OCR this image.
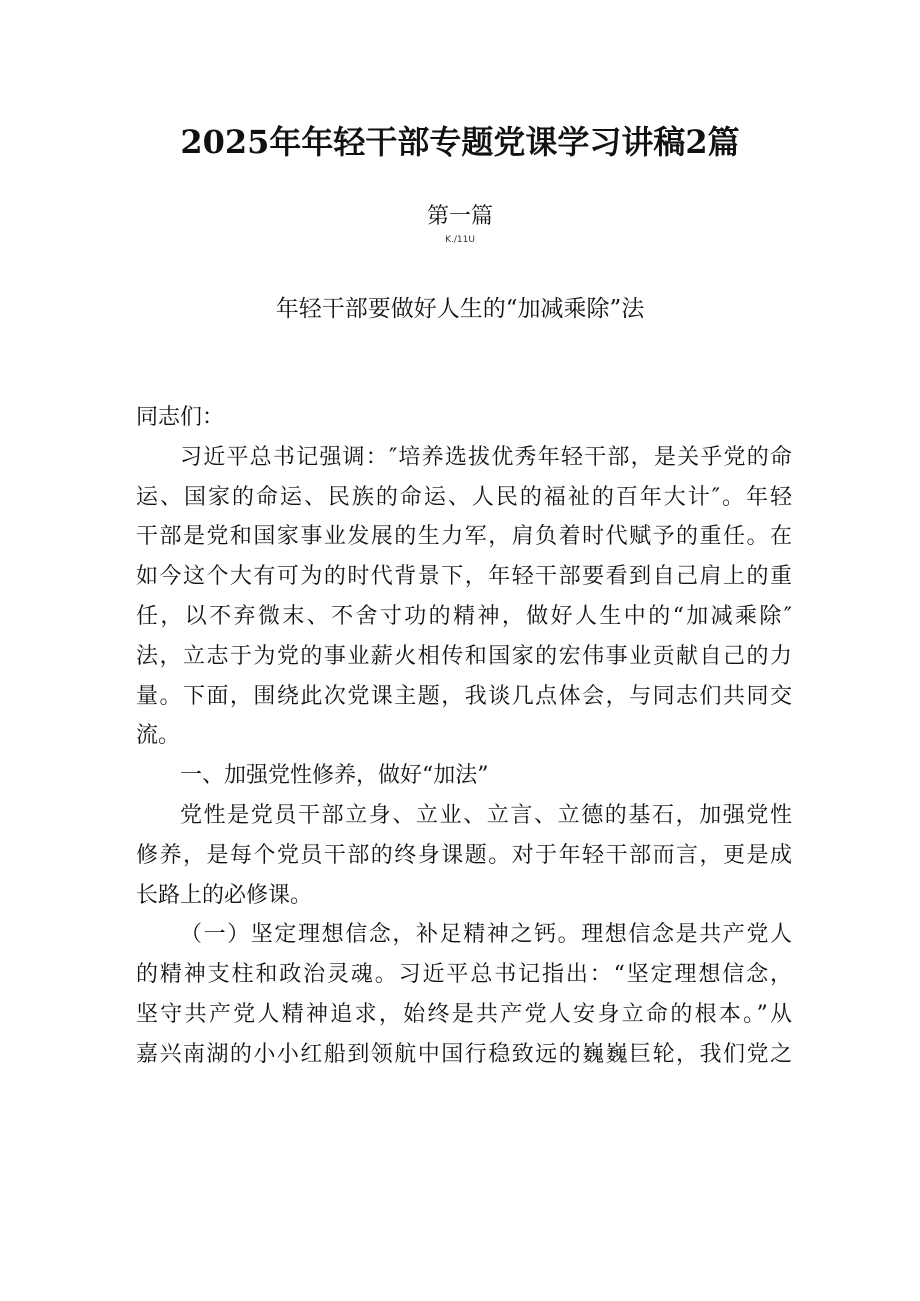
2025年年轻干部专题党课学习讲稿2篇
第一篇
K./11U
年轻干部要做好人生的“加减乘除”法
同志们：
习近平总书记强调：″培养选拔优秀年轻干部，是关乎党的命
运、国家的命运、民族的命运、人民的福祉的百年大计″。年轻
干部是党和国家事业发展的生力军，肩负着时代赋予的重任。在
如今这个大有可为的时代背景下，年轻干部要看到自己肩上的重
任，以不弃微末、不舍寸功的精神，做好人生中的“加减乘除″
法，立志于为党的事业薪火相传和国家的宏伟事业贡献自己的力
量。下面，围绕此次党课主题，我谈几点体会，与同志们共同交
流。
一、加强党性修养，做好“加法”
党性是党员干部立身、立业、立言、立德的基石，加强党性
修养，是每个党员干部的终身课题。对于年轻干部而言，更是成
长路上的必修课。
（一）坚定理想信念，补足精神之钙。理想信念是共产党人
的精神支柱和政治灵魂。习近平总书记指出：“坚定理想信念，
坚守共产党人精神追求，始终是共产党人安身立命的根本。”从
嘉兴南湖的小小红船到领航中国行稳致远的巍巍巨轮，我们党之
